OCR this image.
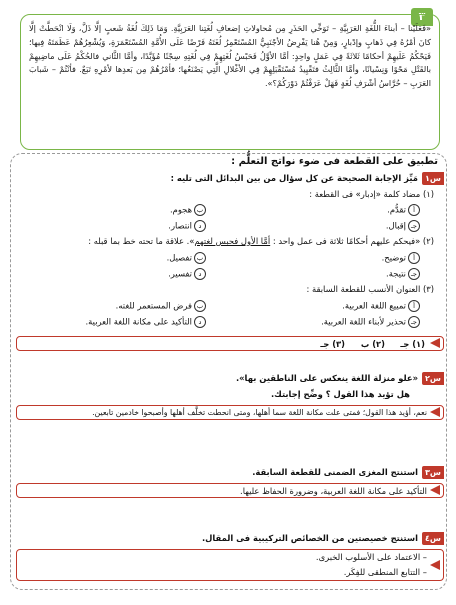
٣
«فَعَلَيْنا – أبناءَ اللُّغَةِ العَرَبِيَّةِ – تَوَخِّي الحَذَرِ مِن مُحاولاتِ إضعافِ لُغَتِنا العَرَبِيَّةِ. وَمَا ذَلِكَ لُغَةُ شَعبٍ إلَّا ذَلَّ، وَلَا انْحَطَّتْ إلَّا كانَ أمْرُهُ فِي ذَهابٍ وإدْبارٍ، وَمِنْ هُنا يَفْرِضُ الأجْنَبِيُّ المُسْتَعْمِرُ لُغَتَهُ فَرْضًا عَلَى الأُمَّةِ المُسْتَعْمَرَةِ، وَيُشْعِرُهُمْ عَظَمَتَهُ فِيها؛ فَيَحْكُمُ عَلَيهِمْ أحكامًا ثَلاثَةً فِي عَمَلٍ واحِدٍ: أمَّا الأوَّلُ فَحَبْسُ لُغَتِهِمْ فِي لُغَتِهِ سِجْنًا مُؤَبَّدًا، وأمَّا الثَّاني فالحُكْمُ عَلَى ماضِيهِمْ بالقَتْلِ مَحْوًا وَنِسْيانًا، وأمَّا الثَّالِثُ فتَقْيِيدُ مُسْتَقْبَلِهِمْ فِي الأغْلالِ الَّتِي يَصْنَعُها؛ فأمْرُهُمْ مِن بَعدِها لأمْرِهِ تَبَعٌ. فأنْتُمْ – شَبابَ العَرَبِ – حُرَّاسُ أشْرَفِ لُغَةٍ فَهَلْ عَرَفْتُمْ دَوْرَكُمْ؟».
تطبيق على القطعة فى ضوء نواتج التعلُّم :
س١
مَيِّز الإجابة الصحيحة عن كل سؤال من بين البدائل التى تليه :
(١) مضاد كلمة «إدبار» فى القطعة :
أتقدُّم.
بهجوم.
جـإقبال.
دانتصار.
(٢) «فيحكم عليهم أحكامًا ثلاثة فى عمل واحد : أمَّا الأول فحبس لغتهم». علاقة ما تحته خط بما قبله :
أتوضيح.
بتفصيل.
جـنتيجة.
دتفسير.
(٣) العنوان الأنسب للقطعة السابقة :
أتمييع اللغة العربية.
بفرض المستعمر للغته.
جـتحذير لأبناء اللغة العربية.
دالتأكيد على مكانة اللغة العربية.
(١) جـ
(٢) ب
(٣) جـ
س٢
«علو منزلة اللغة ينعكس على الناطقين بها».
هل تؤيد هذا القول ؟ وضِّح إجابتك.
نعم، أؤيد هذا القول؛ فمتى علت مكانة اللغة سما أهلها، ومتى انحطت تخلَّف أهلها وأصبحوا خادمين تابعين.
س٣
استنتج المغزى الضمنى للقطعة السابقة.
التأكيد على مكانة اللغة العربية، وضرورة الحفاظ عليها.
س٤
استنتج خصيصتين من الخصائص التركيبية فى المقال.
– الاعتماد على الأسلوب الخبرى.
– التتابع المنطقى للفِكَر.
